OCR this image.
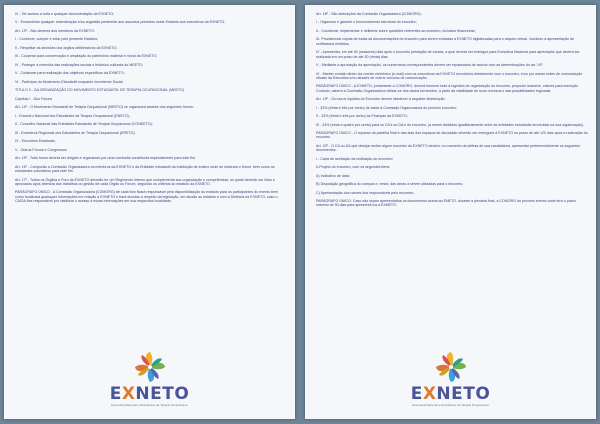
IV - Ter acesso a toda e qualquer documentação da EXNETO;

V - Encaminhar qualquer reivindicação e/ou sugestão pertinente aos assuntos previstos neste Estatuto aos executivos da EXNETO.

Art. 13º - São deveres dos membros da EXNETO:

I - Conhecer, cumprir e zelar pelo presente Estatuto;

II - Respeitar as decisões dos órgãos deliberativos da EXNETO;

III - Cooperar para conservação e ampliação do patrimônio material e moral da EXNETO;

IV - Proteger a memória das realizações sociais e histórico-culturais do MEETO;

V - Colaborar para realização dos objetivos específicos da EXNETO;

VI - Participar do Movimento Estudantil enquanto movimento Social;

TÍTULO II - DA ORGANIZAÇÃO DO MOVIMENTO ESTUDANTIL DE TERAPIA OCUPACIONAL (MEETO)

Capítulo I - Dos Fóruns

Art. 14º - O Movimento Estudantil de Terapia Ocupacional (MEETO) se organizará através dos seguintes fóruns:

I - Encontro Nacional dos Estudantes de Terapia Ocupacional (ENETO);

II - Conselho Nacional das Entidades Estudantis de Terapia Ocupacional (CONEETO);

III - Encontros Regionais dos Estudantes de Terapia Ocupacional (ERETO);

IV - Encontros Estaduais;

V - Outros Fóruns e Congressos.

Art. 15º - Todo fórum deverá ser dirigido e organizado por uma comissão constituída especialmente para este fim.

Art. 16º - Comporão a Comissão Organizadora os membros da EXNETO e da Entidade estudantil da instituição de ensino onde se realizará o fórum, bem como os estudantes voluntários para este fim.

Art. 17º - Todos os Órgãos e Foro da EXNETO deverão ter um Regimento Interno que complementa sua organização e competências, os quais deverão ser lidos e aprovados após abertura dos trabalhos ou gestão de cada Órgão ou Fórum, seguindo os critérios do estatuto da EXNETO.

PARÁGRAFO ÚNICO - A Comissão Organizadora (COMORG) de cada foro ficará responsável pela disponibilização do estatuto para os participantes do evento bem como focalizará quaisquer informações em relação a EXNETO e trará dúvidas a respeito da legislação, em alusão ao estatuto e com a Diretoria da EXNETO, caso o CA/DA fica responsável por viabilizar o acesso a essas informações em sua respectiva localidade.

EXNETO
Executiva Nacional e Estudantes de Terapia Ocupacional

Art. 18º - São atribuições da Comissão Organizadora (COMORG):

I - Organizar e garantir o funcionamento estrutural do encontro;

II - Coordenar, implementar e deliberar sobre questões referentes ao encontro, inclusive financeiras;

III- Providenciar cópias de todas as documentações do encontro para serem enviadas a EXNETO digitalizadas para o arquivo virtual, incluindo a apresentação de certificados emitidos;

IV - Apresentar, em até 60 (sessenta) dias após o encontro prestação de contas, a qual deverá ser entregue para Executiva Nacional para apreciação que deverá ser realizada em um prazo de até 30 (trinta) dias.

V - Mediante a aprovação da apreciação, os numerários correspondentes devem ser repassados de acordo com as determinações do art. 19º.

VI - Manter contato direto via correio eletrônico (e-mail) com os executivos da EXNETO envolvidos diretamente com o encontro, e/ou por outras redes de comunicação oficiais da Executiva e/ou através de outros veículos de comunicação.

PARÁGRAFO ÚNICO - A EXNETO, juntamente a COMORG, deverá fornecer toda a logística de organização do encontro, proposto inclusive, valores para inscrição. Contudo, caberá à Comissão Organizadora utilizar-se dos dados fornecidos, a partir da viabilidade de seus recursos e das possibilidades regionais.

Art. 19º - Os lucros líquidos do Encontro devem obedecer à seguinte distribuição:

I - 33% (trinta e três por cento) de saldo à Comissão Organizadora do próximo encontro;

II - 33% (trinta e três por cento) às Finanças da EXNETO;

III - 34% (trinta e quatro por cento) para os CA's ou DA's do encontro, (a serem divididos igualitariamente entre as entidades estudantis envolvidas na sua organização).

PARÁGRAFO ÚNICO - O repasse da planilha final e das atas dos espaços de discussão deverão ser entregues à EXNETO no prazo de até 120 dias após a realização do encontro.

Art. 20º - O CA ou DA que desejar sediar algum encontro da EXNETO deverá, no momento da defesa de sua candidatura, apresentar preferencialmente os seguintes documentos:

I - Carta de aceitação da instituição do encontro;

II-Projeto do encontro, com os seguintes itens;

A) Indicativo de data;

B) Disposição geográfica do campus e, neste, das áreas a serem utilizadas para o encontro;

C) Apresentação dos nomes dos responsáveis pelo encontro;

PARÁGRAFO ÚNICO: Caso não sejam apresentados os documentos acima ao ENETO, durante a plenária final, a COMORG do próximo evento onde terá o prazo máximo de 90 dias para apresentá-los à EXNETO.

EXNETO
Executiva Nacional e Estudantes de Terapia Ocupacional
